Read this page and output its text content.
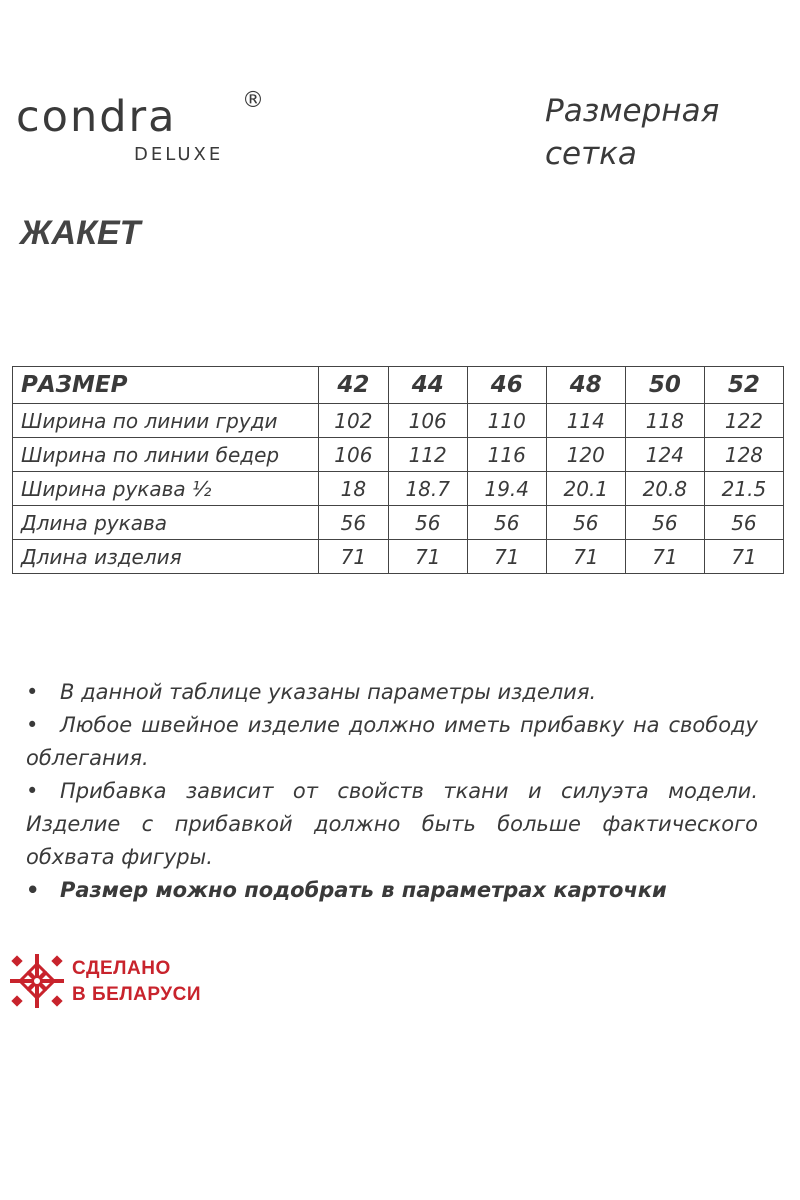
condra	®
DELUXE
Размерная
сетка
ЖАКЕТ
РАЗМЕР	42	44	46	48	50	52
Ширина по линии груди	102	106	110	114	118	122
Ширина по линии бедер	106	112	116	120	124	128
Ширина рукава ½	18	18.7	19.4	20.1	20.8	21.5
Длина рукава	56	56	56	56	56	56
Длина изделия	71	71	71	71	71	71
• В данной таблице указаны параметры изделия.
• Любое швейное изделие должно иметь прибавку на свободу облегания.
• Прибавка зависит от свойств ткани и силуэта модели. Изделие с прибавкой должно быть больше фактического обхвата фигуры.
• Размер можно подобрать в параметрах карточки
СДЕЛАНО
В БЕЛАРУСИ
